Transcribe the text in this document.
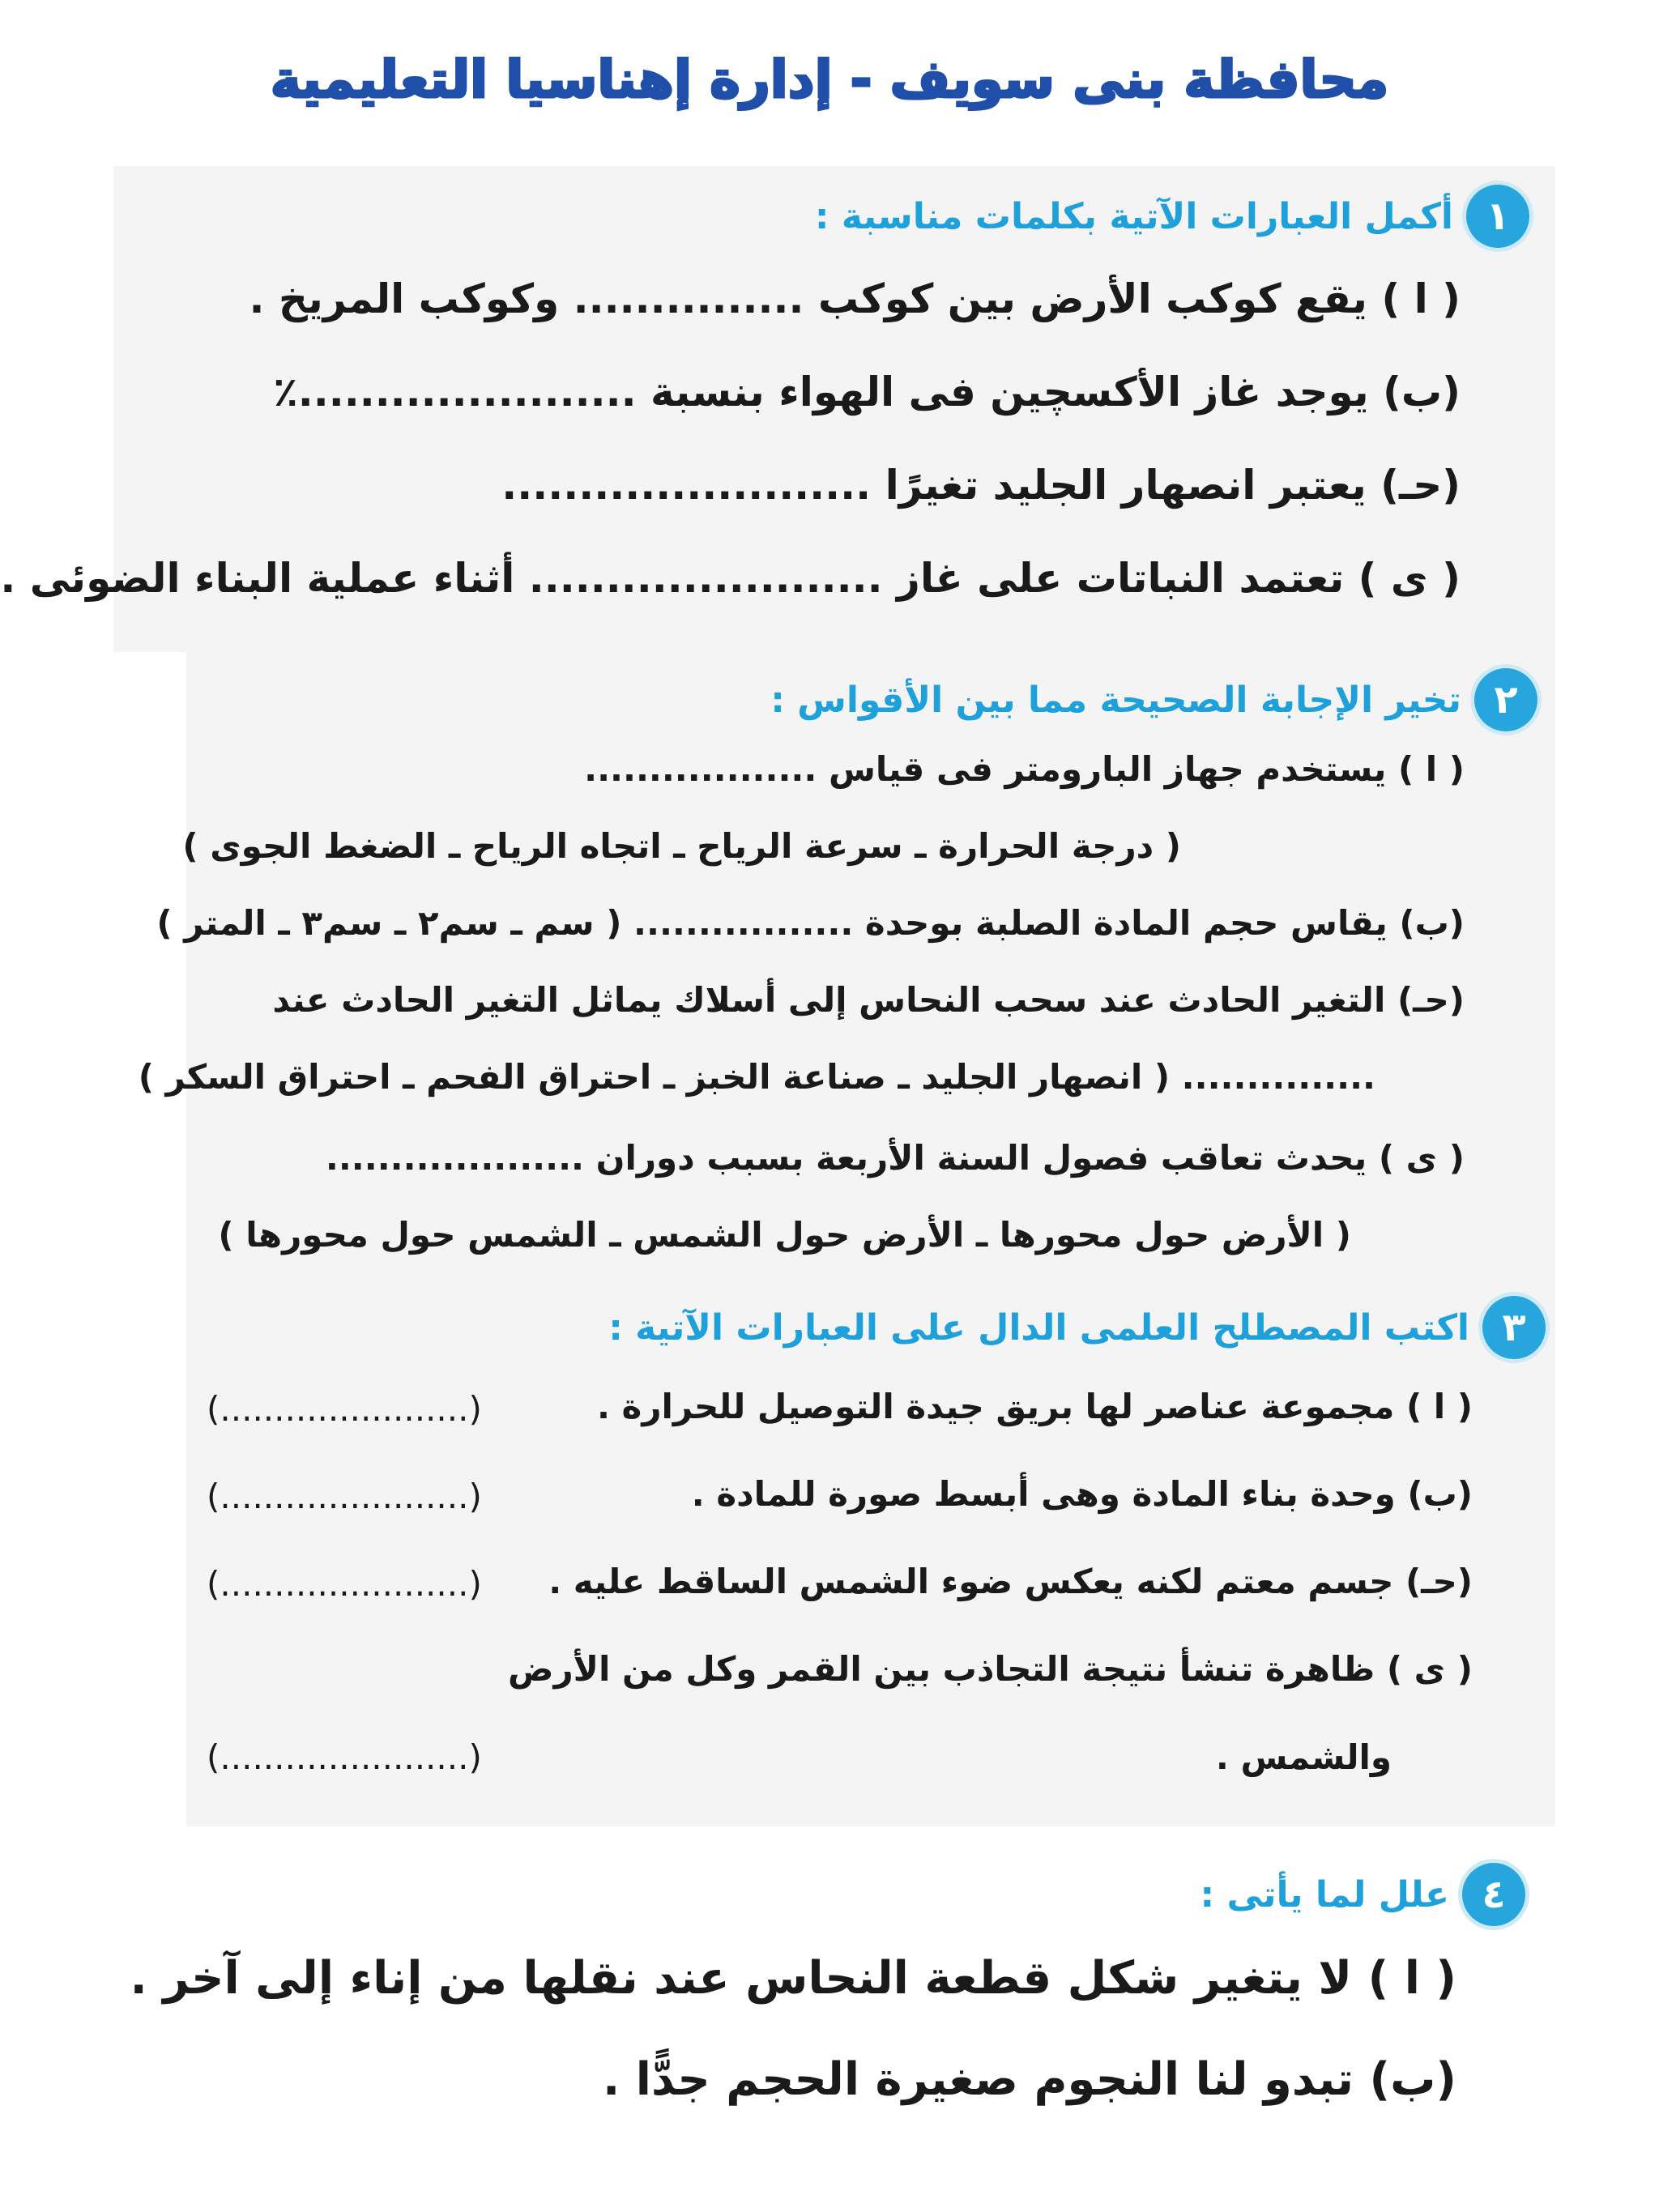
محافظة بنى سويف - إدارة إهناسيا التعليمية
١
أكمل العبارات الآتية بكلمات مناسبة :
( ا ) يقع كوكب الأرض بين كوكب ............... وكوكب المريخ .
(ب) يوجد غاز الأكسچين فى الهواء بنسبة ......................٪
(حـ) يعتبر انصهار الجليد تغيرًا ........................
( ى ) تعتمد النباتات على غاز ....................... أثناء عملية البناء الضوئى .
٢
تخير الإجابة الصحيحة مما بين الأقواس :
( ا ) يستخدم جهاز البارومتر فى قياس ..................
( درجة الحرارة ـ سرعة الرياح ـ اتجاه الرياح ـ الضغط الجوى )
(ب) يقاس حجم المادة الصلبة بوحدة ................. ( سم ـ سم٢ ـ سم٣ ـ المتر )
(حـ) التغير الحادث عند سحب النحاس إلى أسلاك يماثل التغير الحادث عند
............... ( انصهار الجليد ـ صناعة الخبز ـ احتراق الفحم ـ احتراق السكر )
( ى ) يحدث تعاقب فصول السنة الأربعة بسبب دوران ....................
( الأرض حول محورها ـ الأرض حول الشمس ـ الشمس حول محورها )
٣
اكتب المصطلح العلمى الدال على العبارات الآتية :
( ا ) مجموعة عناصر لها بريق جيدة التوصيل للحرارة .
(.......................)
(ب) وحدة بناء المادة وهى أبسط صورة للمادة .
(.......................)
(حـ) جسم معتم لكنه يعكس ضوء الشمس الساقط عليه .
(.......................)
( ى ) ظاهرة تنشأ نتيجة التجاذب بين القمر وكل من الأرض
والشمس .
(.......................)
٤
علل لما يأتى :
( ا ) لا يتغير شكل قطعة النحاس عند نقلها من إناء إلى آخر .
(ب) تبدو لنا النجوم صغيرة الحجم جدًّا .
